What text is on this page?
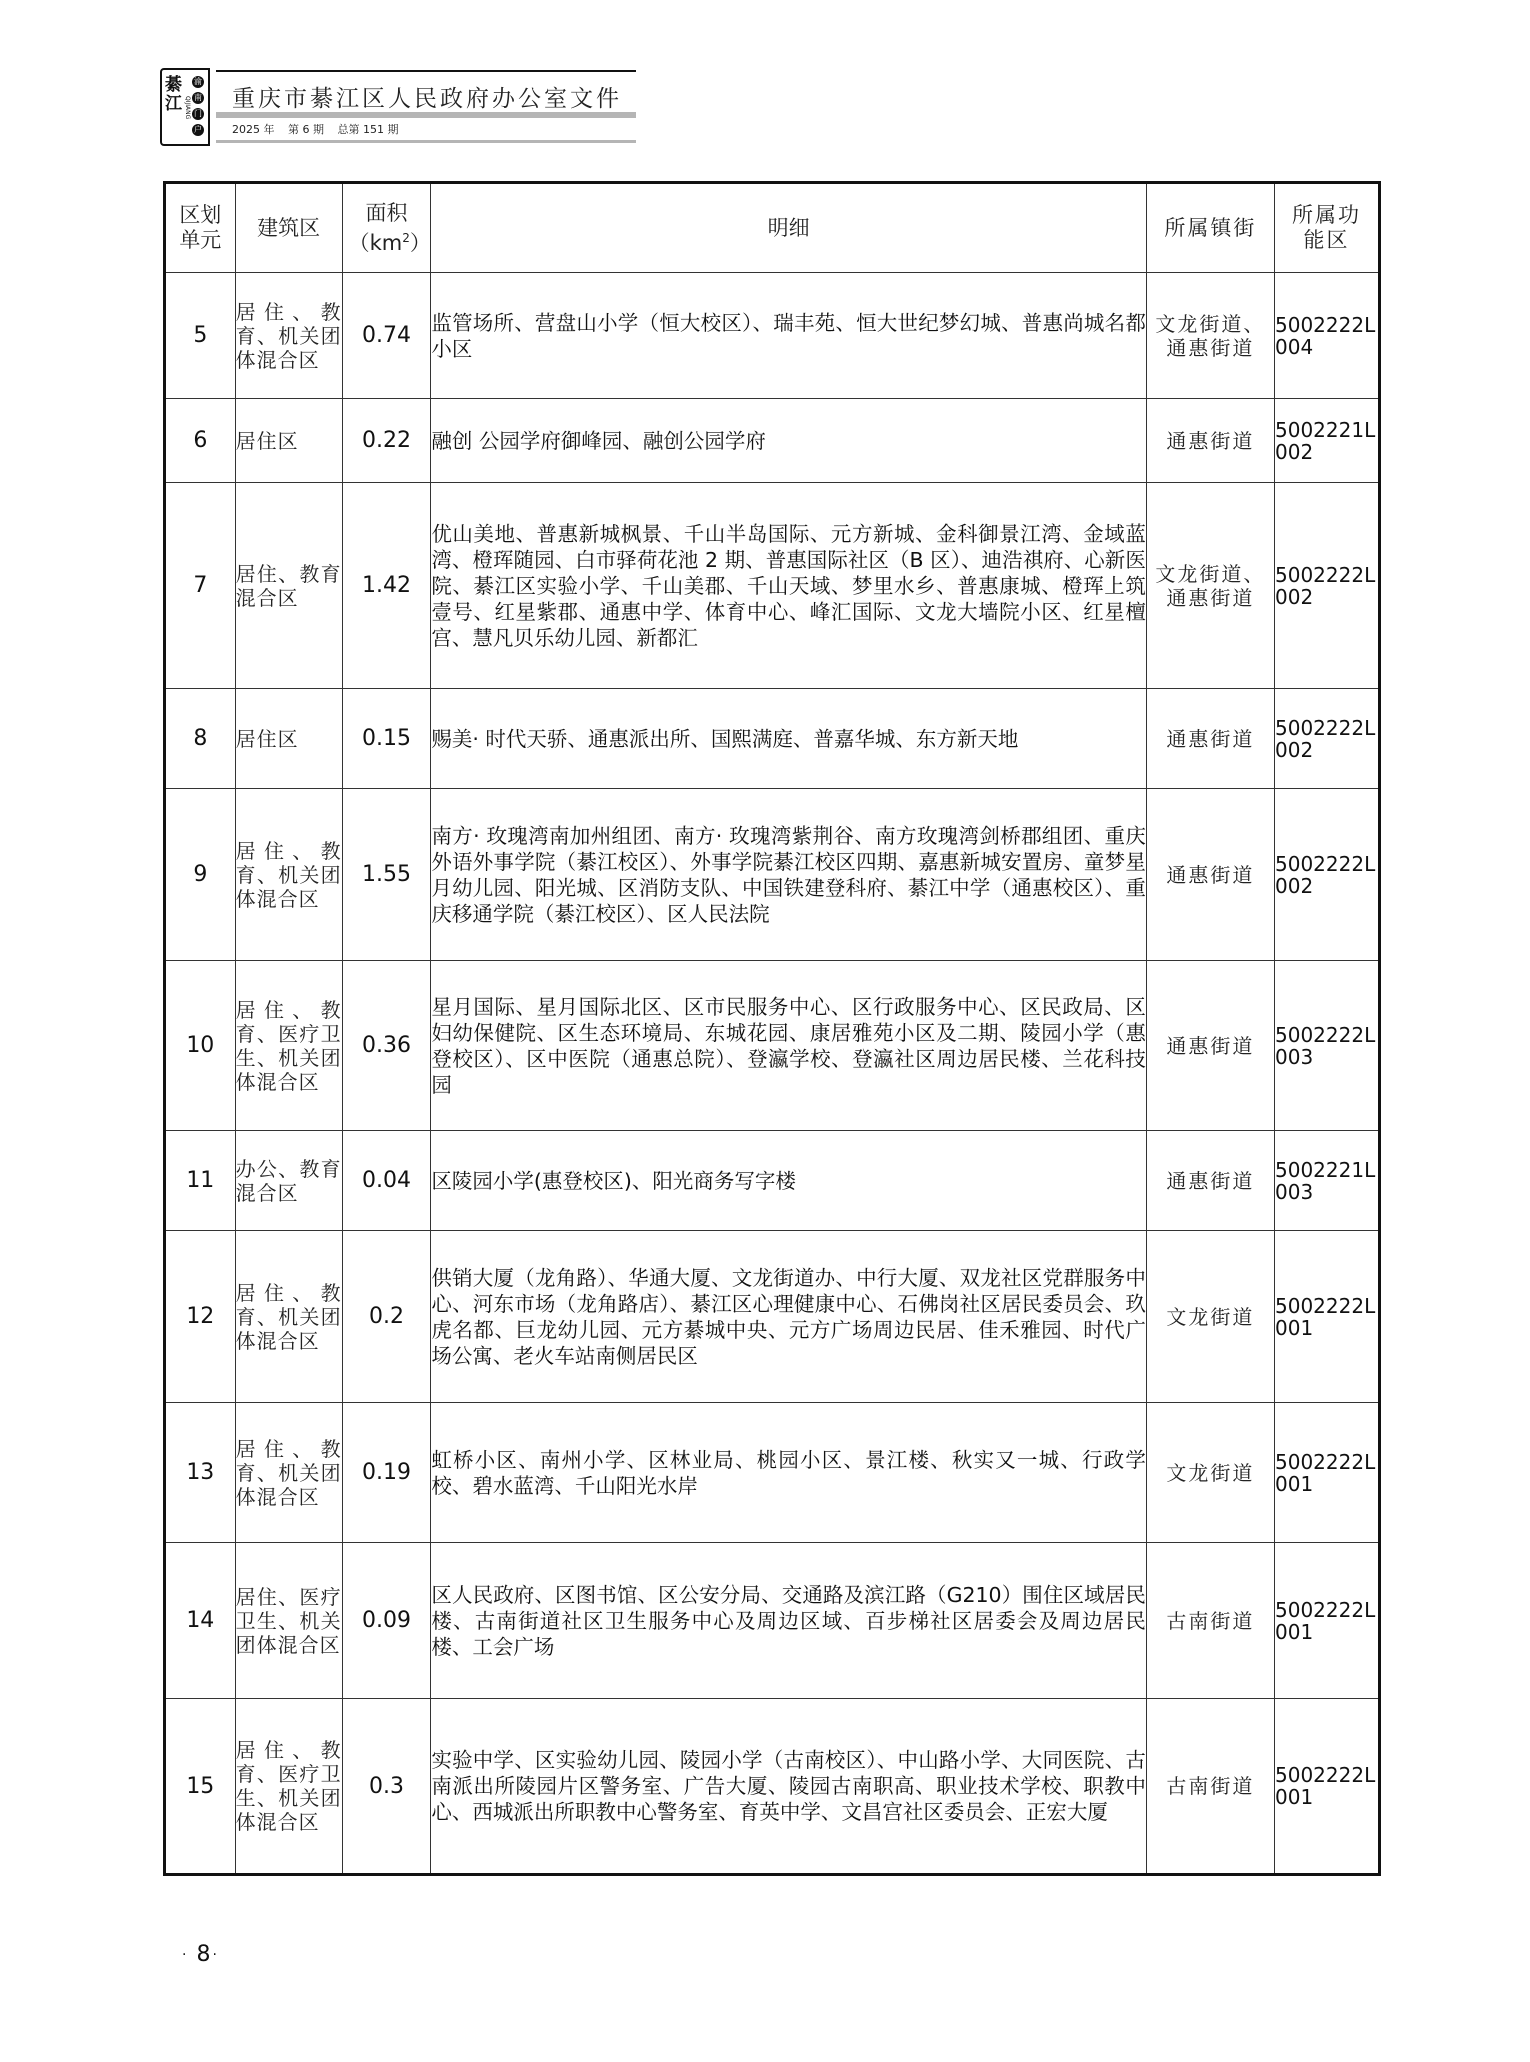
綦江 QIJIANG
渝
南
门
户
重庆市綦江区人民政府办公室文件
2025 年 第 6 期 总第 151 期
区划单元	建筑区	面积$(km^2)$	明细	所属镇街	所属功能区
5	居住、教育、机关团体混合区	0.74	监管场所、营盘山小学（恒大校区）、瑞丰苑、恒大世纪梦幻城、普惠尚城名都小区	文龙街道、通惠街道	5002222L004
6	居住区	0.22	融创 公园学府御峰园、融创公园学府	通惠街道	5002221L002
7	居住、教育混合区	1.42	优山美地、普惠新城枫景、千山半岛国际、元方新城、金科御景江湾、金域蓝湾、橙珲随园、白市驿荷花池 2 期、普惠国际社区（B 区）、迪浩祺府、心新医院、綦江区实验小学、千山美郡、千山天域、梦里水乡、普惠康城、橙珲上筑壹号、红星紫郡、通惠中学、体育中心、峰汇国际、文龙大墙院小区、红星檀宫、慧凡贝乐幼儿园、新都汇	文龙街道、通惠街道	5002222L002
8	居住区	0.15	赐美· 时代天骄、通惠派出所、国熙满庭、普嘉华城、东方新天地	通惠街道	5002222L002
9	居住、教育、机关团体混合区	1.55	南方· 玫瑰湾南加州组团、南方· 玫瑰湾紫荆谷、南方玫瑰湾剑桥郡组团、重庆外语外事学院（綦江校区）、外事学院綦江校区四期、嘉惠新城安置房、童梦星月幼儿园、阳光城、区消防支队、中国铁建登科府、綦江中学（通惠校区）、重庆移通学院（綦江校区）、区人民法院	通惠街道	5002222L002
10	居住、教育、医疗卫生、机关团体混合区	0.36	星月国际、星月国际北区、区市民服务中心、区行政服务中心、区民政局、区妇幼保健院、区生态环境局、东城花园、康居雅苑小区及二期、陵园小学（惠登校区）、区中医院（通惠总院）、登瀛学校、登瀛社区周边居民楼、兰花科技园	通惠街道	5002222L003
11	办公、教育混合区	0.04	区陵园小学(惠登校区)、阳光商务写字楼	通惠街道	5002221L003
12	居住、教育、机关团体混合区	0.2	供销大厦（龙角路）、华通大厦、文龙街道办、中行大厦、双龙社区党群服务中心、河东市场（龙角路店）、綦江区心理健康中心、石佛岗社区居民委员会、玖虎名都、巨龙幼儿园、元方綦城中央、元方广场周边民居、佳禾雅园、时代广场公寓、老火车站南侧居民区	文龙街道	5002222L001
13	居住、教育、机关团体混合区	0.19	虹桥小区、南州小学、区林业局、桃园小区、景江楼、秋实又一城、行政学校、碧水蓝湾、千山阳光水岸	文龙街道	5002222L001
14	居住、医疗卫生、机关团体混合区	0.09	区人民政府、区图书馆、区公安分局、交通路及滨江路（G210）围住区域居民楼、古南街道社区卫生服务中心及周边区域、百步梯社区居委会及周边居民楼、工会广场	古南街道	5002222L001
15	居住、教育、医疗卫生、机关团体混合区	0.3	实验中学、区实验幼儿园、陵园小学（古南校区）、中山路小学、大同医院、古南派出所陵园片区警务室、广告大厦、陵园古南职高、职业技术学校、职教中心、西城派出所职教中心警务室、育英中学、文昌宫社区委员会、正宏大厦	古南街道	5002222L001
· 8 ·
